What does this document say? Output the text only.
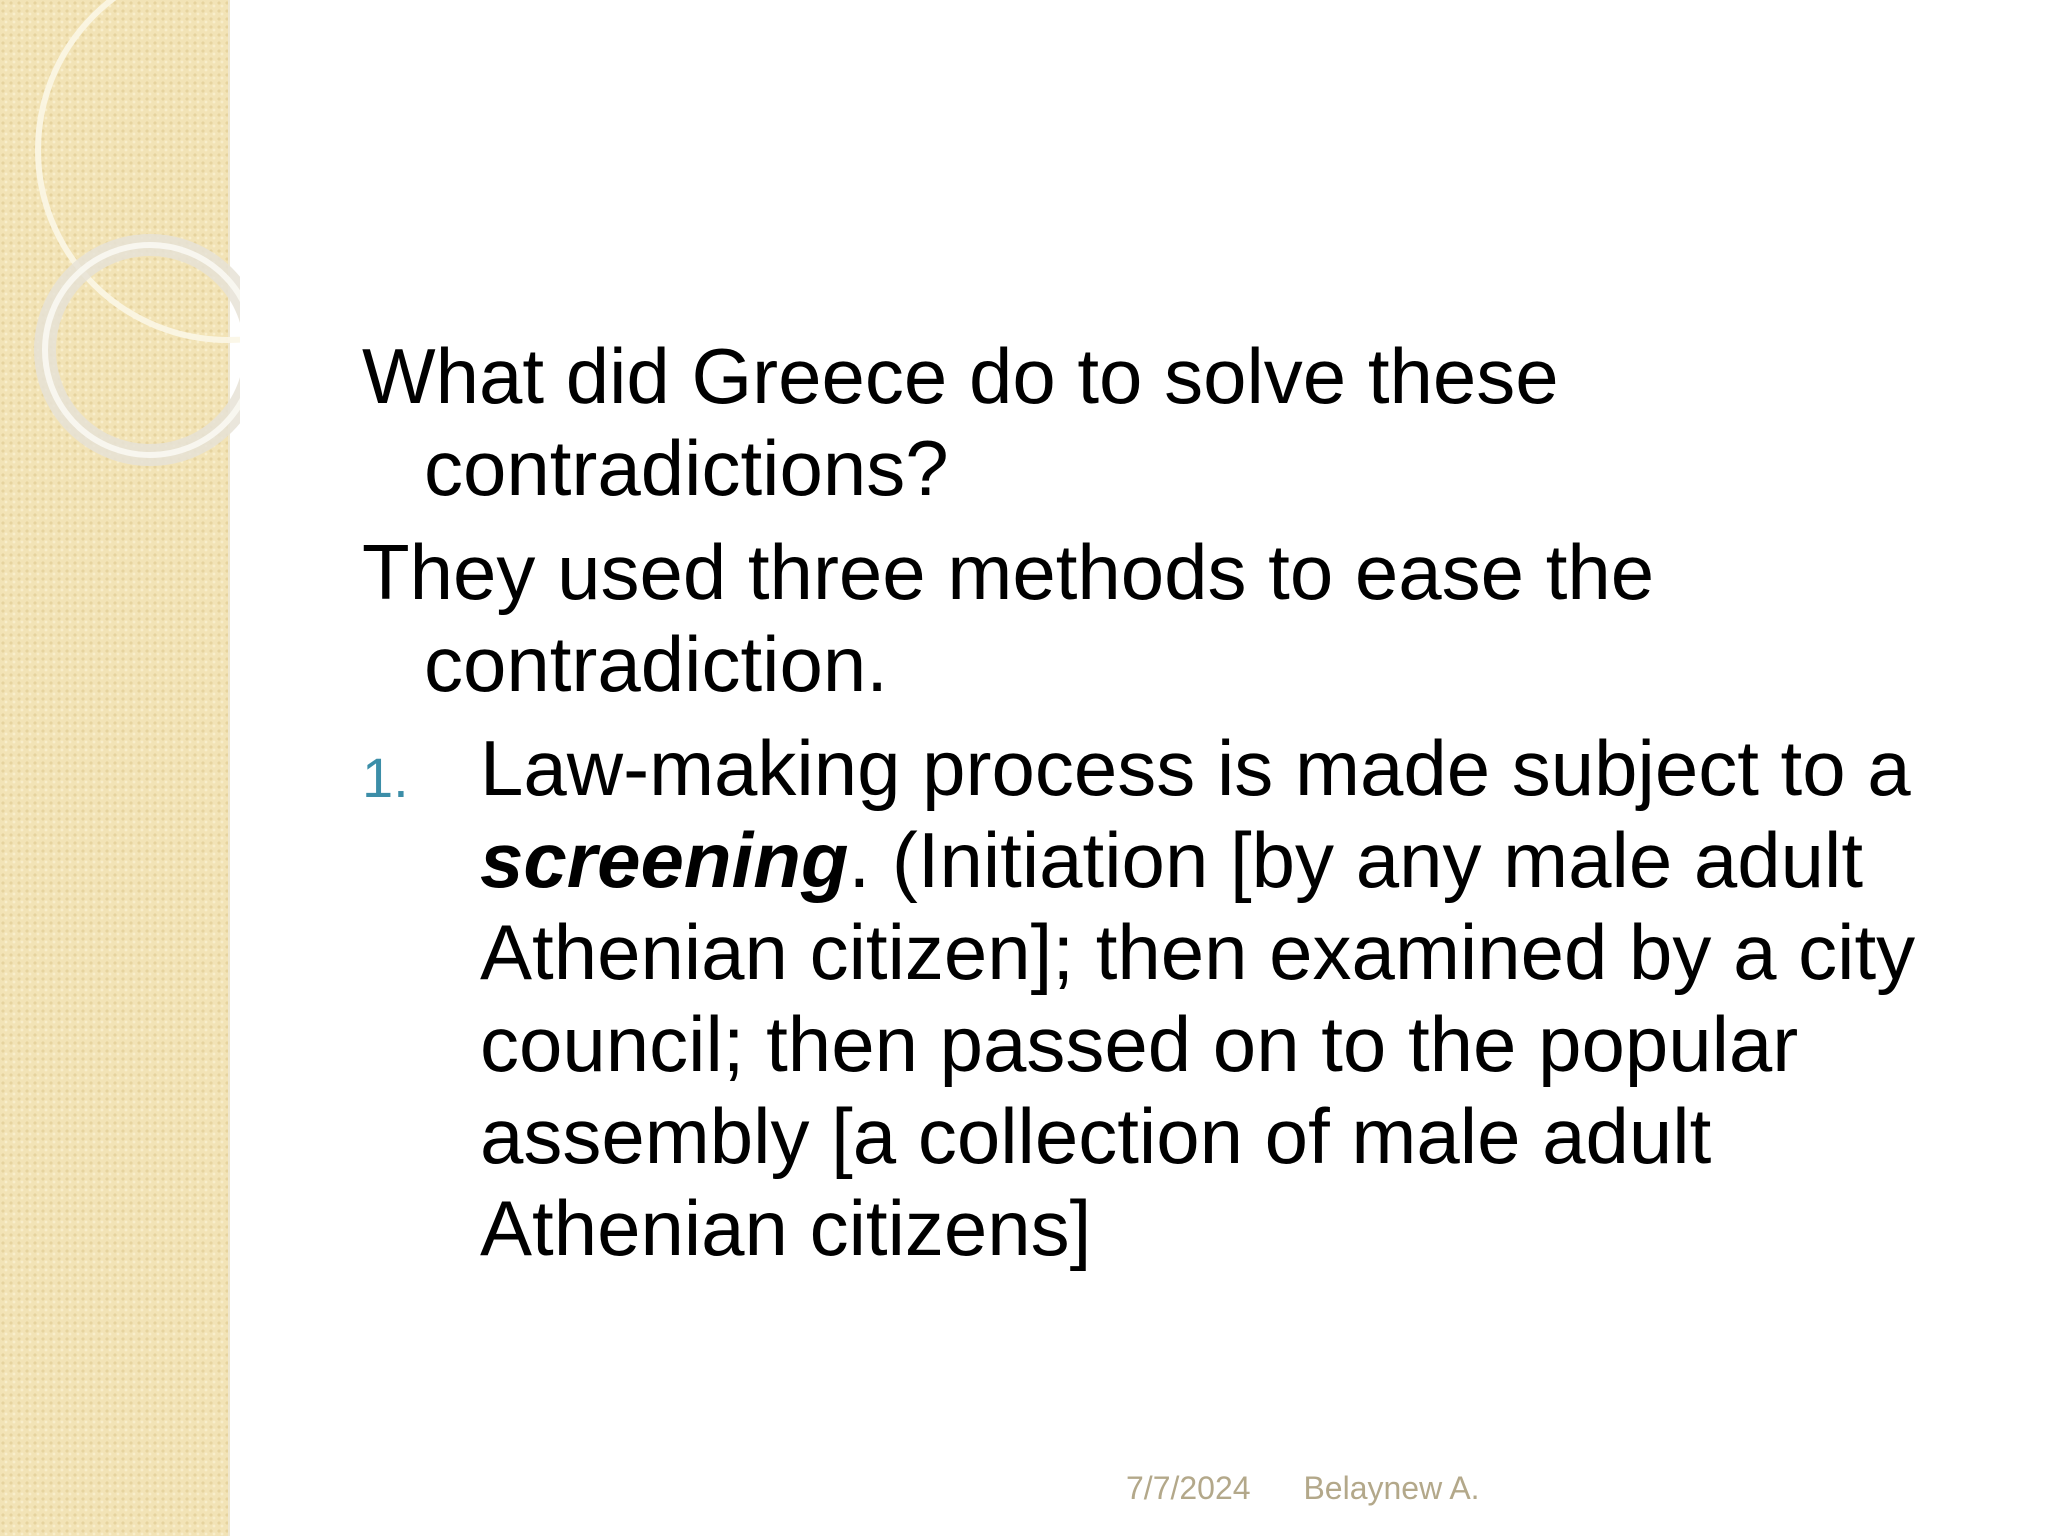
What did Greece do to solve these contradictions?

They used three methods to ease the contradiction.

1. Law-making process is made subject to a screening. (Initiation [by any male adult Athenian citizen]; then examined by a city council; then passed on to the popular assembly [a collection of male adult Athenian citizens]
7/7/2024 Belaynew A.
